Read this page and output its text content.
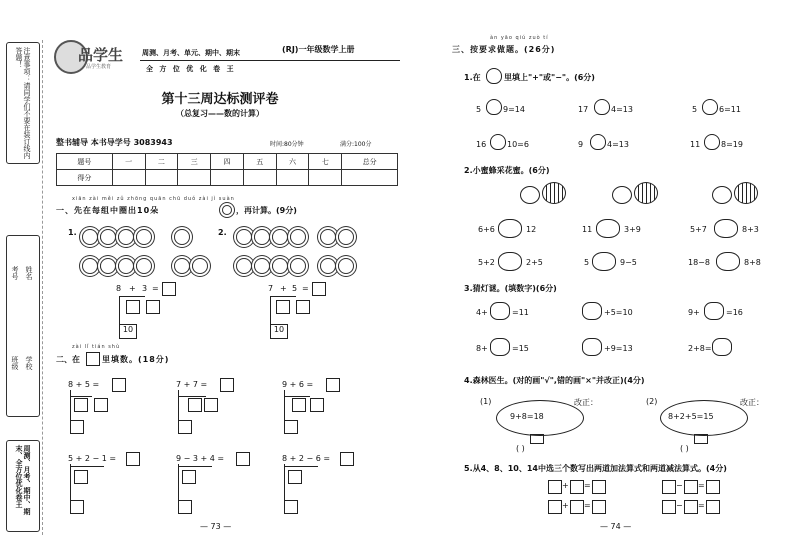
注意事项：请同学们不要在装订线内答题！
考号 姓名
班级 学校
周测、月考、期中、期末、全方位优化卷王
品学生
品学生教育
周测、月考、单元、期中、期末	(RJ)一年级数学上册
全 方 位 优 化 卷 王
第十三周达标测评卷
（总复习——数的计算）
整书辅导 本书导学号 3083943	时间:80分钟	满分:100分
题号	一	二	三	四	五	六	七	总分
得分								
xiān zài měi zǔ zhōng quān chū duǒ zài jì suàn
一、先在每组中圈出10朵	，再计算。(9分)
1.	2.
8 + 3 =
10
7 + 5 =
10
zài lǐ tián shù
二、在	里填数。(18分)
8 + 5 =	7 + 7 =	9 + 6 =
5 + 2 − 1 =	9 − 3 + 4 =	8 + 2 − 6 =
— 73 —
àn yāo qiú zuò tí
三、按要求做题。(26分)
1.在	里填上"+"或"−"。(6分)
5	9=14	17	4=13	5	6=11
16	10=6	9	4=13	11	8=19
2.小蜜蜂采花蜜。(6分)
6+6	12	11	3+9	5+7	8+3
5+2	2+5	5	9−5	18−8	8+8
3.猜灯谜。(填数字)(6分)
4+	=11	+5=10	9+	=16
8+	=15	+9=13	2+8=
4.森林医生。(对的画"√",错的画"×"并改正)(4分)
(1)	改正：
9+8=18
( )
(2)	改正：
8+2+5=15
( )
5.从4、8、10、14中选三个数写出两道加法算式和两道减法算式。(4分)
+ =	− =
+ =	− =
— 74 —
